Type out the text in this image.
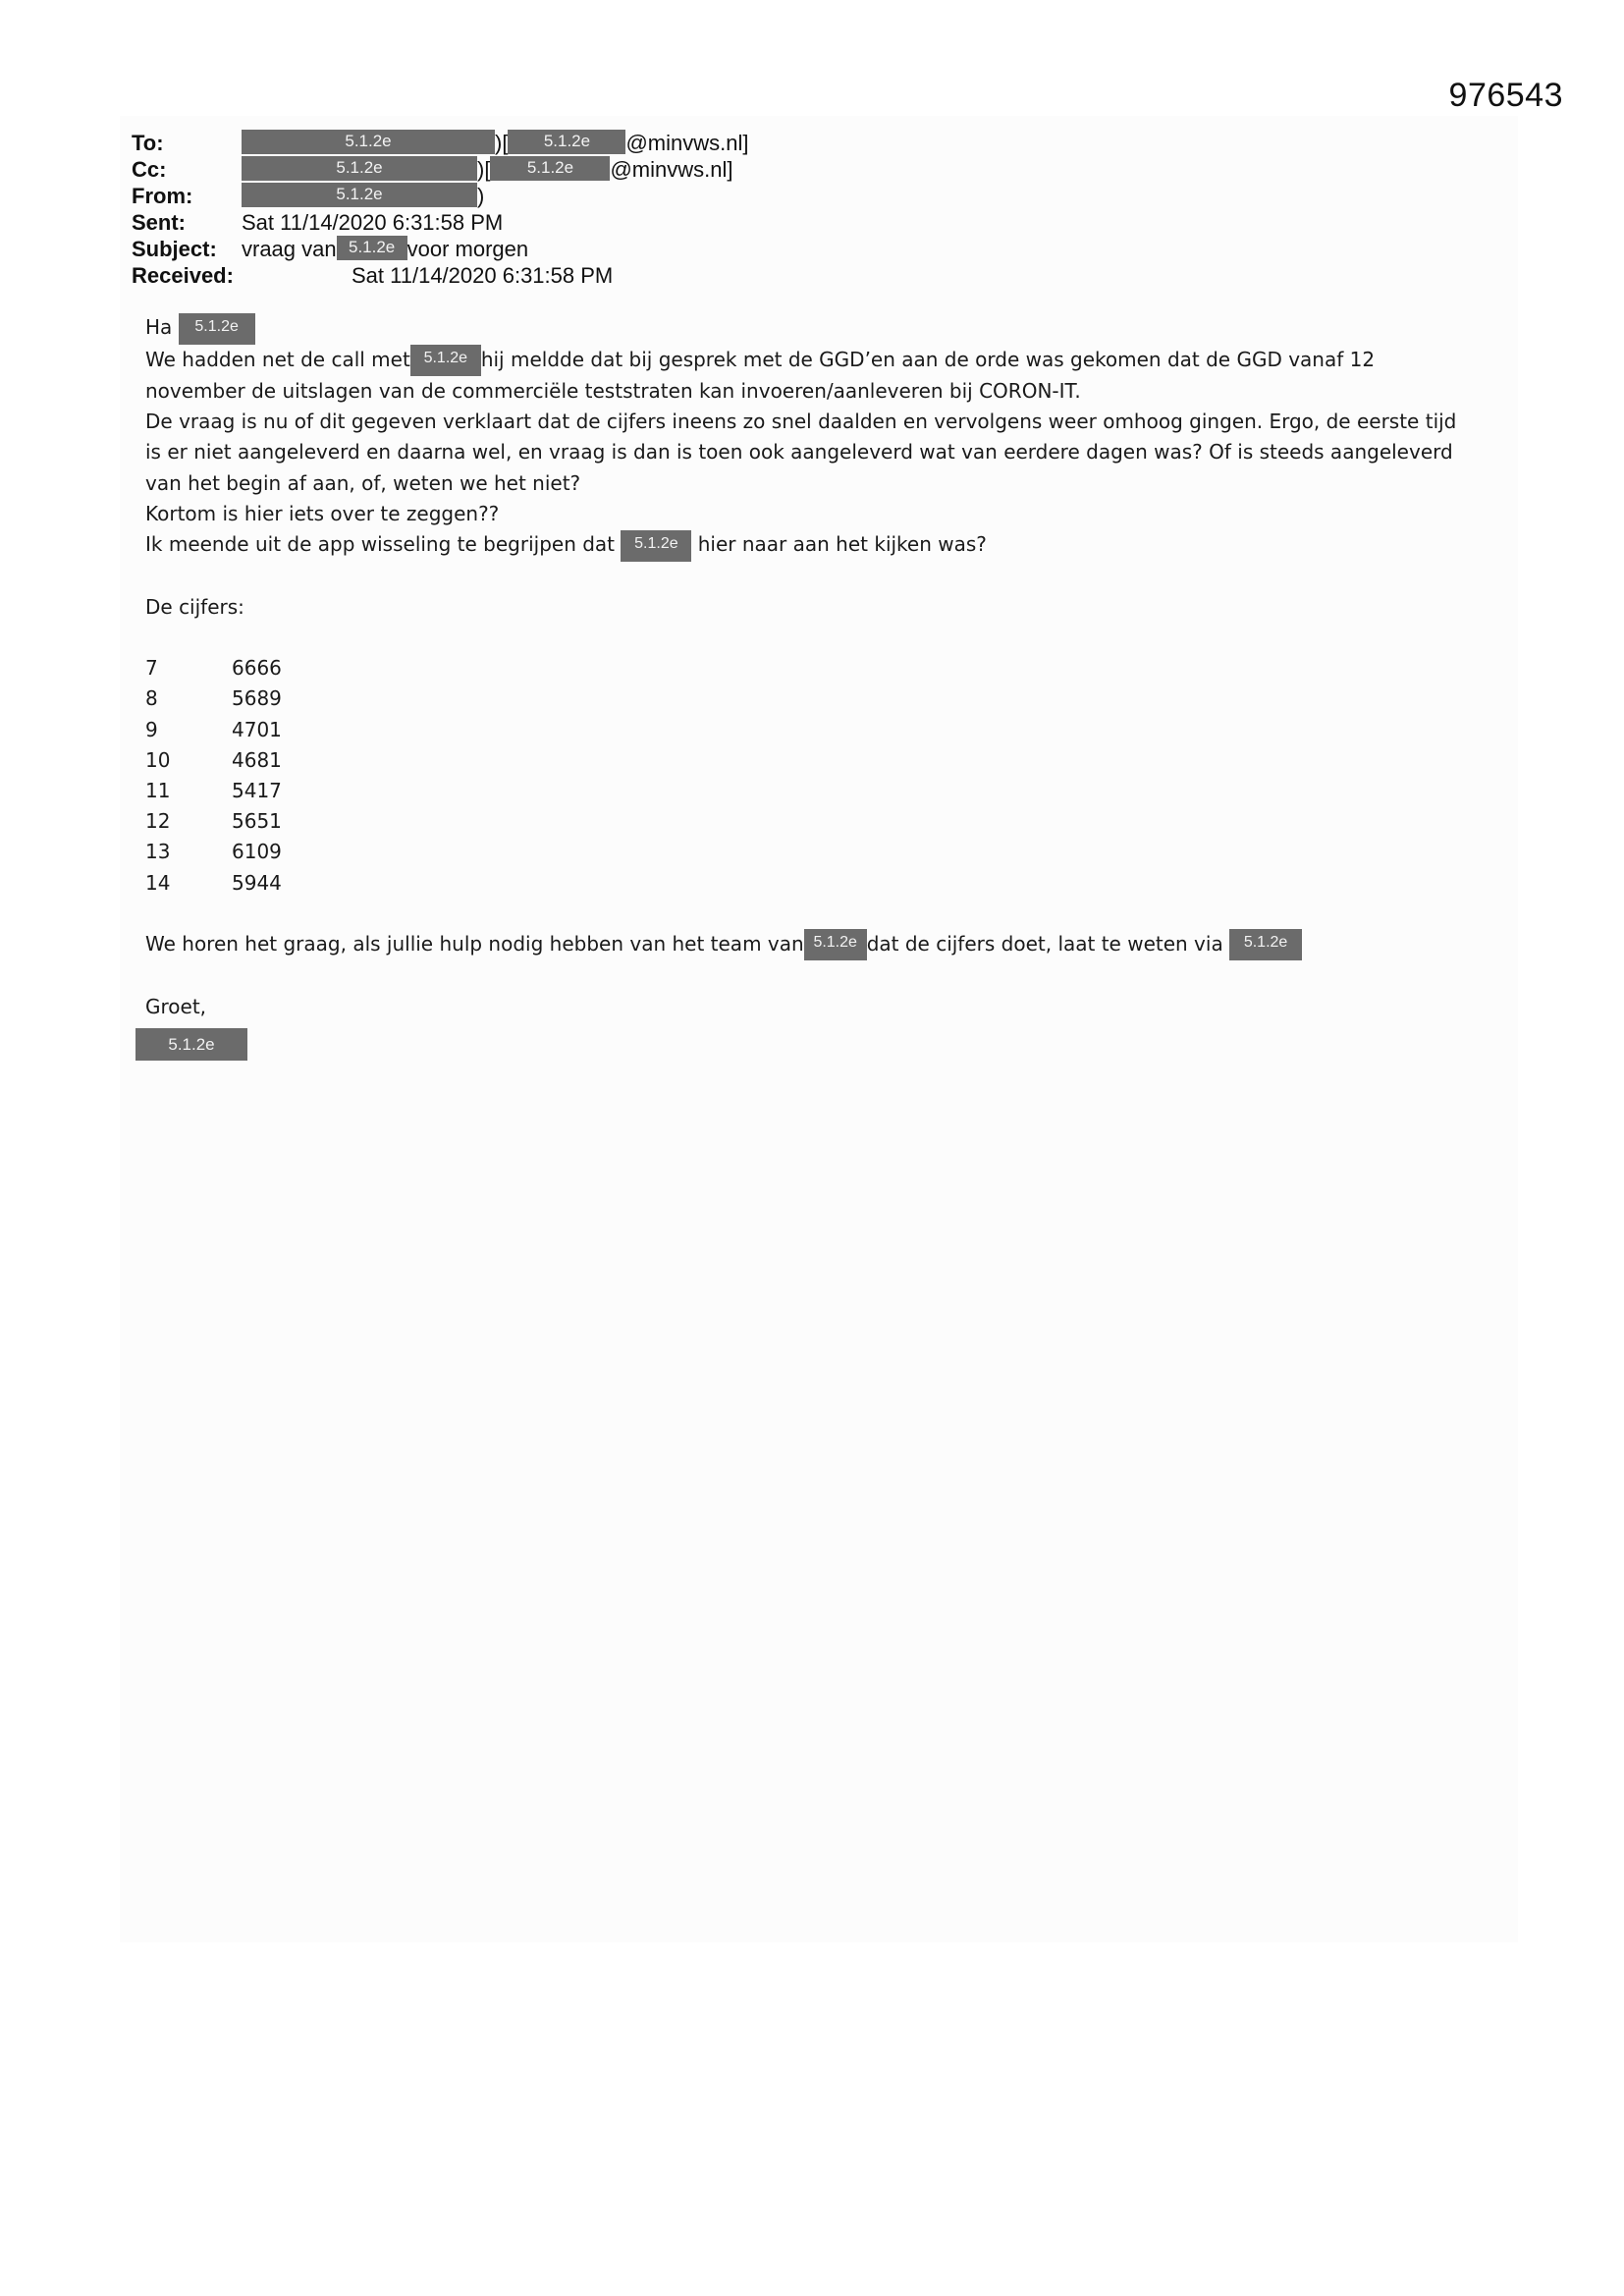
976543
To:	5.1.2e	)[ 5.1.2e @minvws.nl]
Cc:	5.1.2e	)[ 5.1.2e @minvws.nl]
From:	5.1.2e	)
Sent:	Sat 11/14/2020 6:31:58 PM
Subject: vraag van 5.1.2e voor morgen
Received:	Sat 11/14/2020 6:31:58 PM

Ha 5.1.2e

We hadden net de call met 5.1.2e hij meldde dat bij gesprek met de GGD’en aan de orde was gekomen dat de GGD vanaf 12
november de uitslagen van de commerciële teststraten kan invoeren/aanleveren bij CORON-IT.

De vraag is nu of dit gegeven verklaart dat de cijfers ineens zo snel daalden en vervolgens weer omhoog gingen. Ergo, de eerste tijd
is er niet aangeleverd en daarna wel, en vraag is dan is toen ook aangeleverd wat van eerdere dagen was? Of is steeds aangeleverd
van het begin af aan, of, weten we het niet?

Kortom is hier iets over te zeggen??

Ik meende uit de app wisseling te begrijpen dat 5.1.2e hier naar aan het kijken was?

De cijfers:

7	6666
8	5689
9	4701
10	4681
11	5417
12	5651
13	6109
14	5944

We horen het graag, als jullie hulp nodig hebben van het team van 5.1.2e dat de cijfers doet, laat te weten via 5.1.2e

Groet,

5.1.2e
